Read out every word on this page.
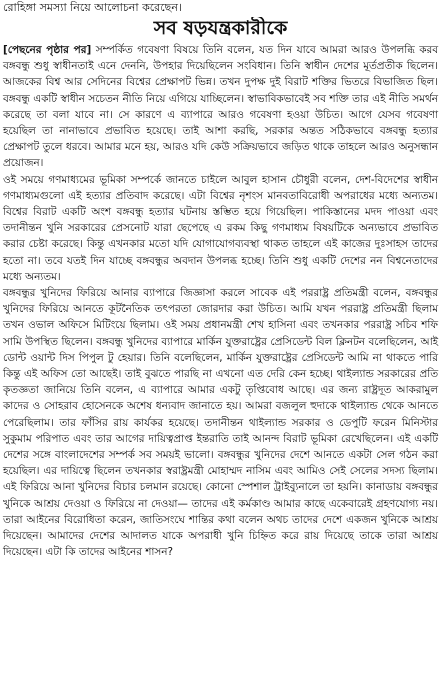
রোহিঙ্গা সমস্যা নিয়ে আলোচনা করেছেন।
সব ষড়যন্ত্রকারীকে

[পেছনের পৃষ্ঠার পর] সম্পর্কিত গবেষণা বিষয়ে তিনি বলেন, যত দিন যাবে আমরা আরও উপলব্ধি করব বঙ্গবন্ধু শুধু স্বাধীনতাই এনে দেননি, উপহার দিয়েছিলেন সংবিধান। তিনি স্বাধীন দেশের মূর্তপ্রতীক ছিলেন। আজকের বিশ্ব আর সেদিনের বিশ্বের প্রেক্ষাপট ভিন্ন। তখন দুপক্ষ দুই বিরাট শক্তির ভিতরে বিভাজিত ছিল। বঙ্গবন্ধু একটি স্বাধীন সচেতন নীতি নিয়ে এগিয়ে যাচ্ছিলেন। স্বাভাবিকভাবেই সব শক্তি তার এই নীতি সমর্থন করেছে তা বলা যাবে না। সে কারণে এ ব্যাপারে আরও গবেষণা হওয়া উচিত। আগে যেসব গবেষণা হয়েছিল তা নানাভাবে প্রভাবিত হয়েছে। তাই আশা করছি, সরকার অন্তত সঠিকভাবে বঙ্গবন্ধু হত্যার প্রেক্ষাপট তুলে ধরবে। আমার মনে হয়, আরও যদি কেউ সক্রিয়ভাবে জড়িত থাকে তাহলে আরও অনুসন্ধান প্রয়োজন।

ওই সময়ে গণমাধ্যমের ভূমিকা সম্পর্কে জানতে চাইলে আবুল হাসান চৌধুরী বলেন, দেশ-বিদেশের স্বাধীন গণমাধ্যমগুলো এই হত্যার প্রতিবাদ করেছে। এটা বিশ্বের নৃশংস মানবতাবিরোধী অপরাধের মধ্যে অন্যতম। বিশ্বের বিরাট একটি অংশ বঙ্গবন্ধু হত্যার ঘটনায় স্তম্ভিত হয়ে গিয়েছিল। পাকিস্তানের মদদ পাওয়া এবং তদানীন্তন খুনি সরকারের প্রেসনোট যারা ছেপেছে এ রকম কিছু গণমাধ্যম বিষয়টিকে অন্যভাবে প্রভাবিত করার চেষ্টা করেছে। কিন্তু এখনকার মতো যদি যোগাযোগব্যবস্থা থাকত তাহলে এই কাজের দুঃসাহস তাদের হতো না। তবে যতই দিন যাচ্ছে বঙ্গবন্ধুর অবদান উপলব্ধ হচ্ছে। তিনি শুধু একটি দেশের নন বিশ্বনেতাদের মধ্যে অন্যতম।

বঙ্গবন্ধুর খুনিদের ফিরিয়ে আনার ব্যাপারে জিজ্ঞাসা করলে সাবেক এই পররাষ্ট্র প্রতিমন্ত্রী বলেন, বঙ্গবন্ধুর খুনিদের ফিরিয়ে আনতে কূটনৈতিক তৎপরতা জোরদার করা উচিত। আমি যখন পররাষ্ট্র প্রতিমন্ত্রী ছিলাম তখন ওভাল অফিসে মিটিংয়ে ছিলাম। ওই সময় প্রধানমন্ত্রী শেখ হাসিনা এবং তখনকার পররাষ্ট্র সচিব শফি সামি উপস্থিত ছিলেন। বঙ্গবন্ধু খুনিদের ব্যাপারে মার্কিন যুক্তরাষ্ট্রের প্রেসিডেন্ট বিল ক্লিনটন বলেছিলেন, আই ডোন্ট ওয়ান্ট দিস পিপুল টু হেয়ার। তিনি বলেছিলেন, মার্কিন যুক্তরাষ্ট্রের প্রেসিডেন্ট আমি না থাকতে পারি কিন্তু এই অফিস তো আছেই। তাই বুঝতে পারছি না এখনো এত দেরি কেন হচ্ছে। থাইল্যান্ড সরকারের প্রতি কৃতজ্ঞতা জানিয়ে তিনি বলেন, এ ব্যাপারে আমার একটু তৃপ্তিবোধ আছে। এর জন্য রাষ্ট্রদূত আকরামুল কাদের ও সোহরাব হোসেনকে অশেষ ধন্যবাদ জানাতে হয়। আমরা বজলুল হুদাকে থাইল্যান্ড থেকে আনতে পেরেছিলাম। তার ফাঁসির রায় কার্যকর হয়েছে। তদানীন্তন থাইল্যান্ড সরকার ও ডেপুটি ফরেন মিনিস্টার সুকুমাম পরিপাত এবং তার আগের দায়িত্বপ্রাপ্ত ইন্তরাতি তাই আনন্দ বিরাট ভূমিকা রেখেছিলেন। এই একটি দেশের সঙ্গে বাংলাদেশের সম্পর্ক সব সময়ই ভালো। বঙ্গবন্ধুর খুনিদের দেশে আনতে একটা সেল গঠন করা হয়েছিল। এর দায়িত্বে ছিলেন তখনকার স্বরাষ্ট্রমন্ত্রী মোহাম্মদ নাসিম এবং আমিও সেই সেলের সদস্য ছিলাম। এই ফিরিয়ে আনা খুনিদের বিচার চলমান রয়েছে। কোনো স্পেশাল ট্রাইব্যুনালে তা হয়নি। কানাডায় বঙ্গবন্ধুর খুনিকে আশ্রয় দেওয়া ও ফিরিয়ে না দেওয়া— তাদের এই কর্মকাণ্ড আমার কাছে একেবারেই গ্রহণযোগ্য নয়। তারা আইনের বিরোধিতা করেন, জাতিসংঘে শান্তির কথা বলেন অথচ তাদের দেশে একজন খুনিকে আশ্রয় দিয়েছেন। আমাদের দেশের আদালত যাকে অপরাধী খুনি চিহ্নিত করে রায় দিয়েছে তাকে তারা আশ্রয় দিয়েছেন। এটা কি তাদের আইনের শাসন?
